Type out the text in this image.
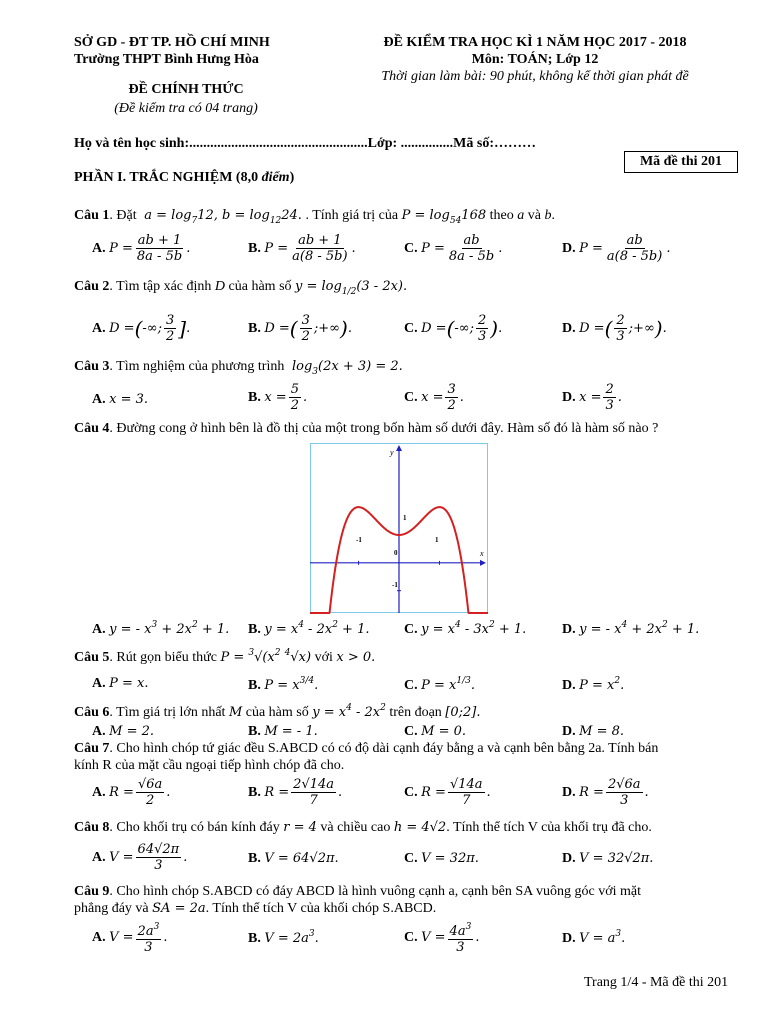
SỞ GD - ĐT TP. HỒ CHÍ MINH
Trường THPT Bình Hưng Hòa
ĐỀ CHÍNH THỨC
(Đề kiểm tra có 04 trang)
ĐỀ KIỂM TRA HỌC KÌ 1 NĂM HỌC 2017 - 2018
Môn: TOÁN; Lớp 12
Thời gian làm bài: 90 phút, không kể thời gian phát đề
Họ và tên học sinh:...................................................Lớp: ...............Mã số:………
Mã đề thi 201
PHẦN I. TRẮC NGHIỆM (8,0 điểm)
Câu 1. Đặt  $a = \log_712$, $b = \log_{12}24$. . Tính giá trị của $P = \log_{54}168$ theo a và b.
A. $P = \frac{ab + 1}{8a - 5b}$ .	B. $P = \frac{ab + 1}{a(8 - 5b)}$ .	C. $P = \frac{ab}{8a - 5b}$ .	D. $P = \frac{ab}{a(8 - 5b)}$ .
Câu 2. Tìm tập xác định D của hàm số $y = \log_{1/2}(3 - 2x)$.
A. D =(-∞; $\frac{3}{2}$ ].	B. D =( $\frac{3}{2}$ ;+∞).	C. D =(-∞; $\frac{2}{3}$ ).	D. D =( $\frac{2}{3}$ ;+∞).
Câu 3. Tìm nghiệm của phương trình  $\log_3(2x + 3) = 2$.
A. x = 3.	B. $x = \frac{5}{2}$ .	C. $x = \frac{3}{2}$ .	D. $x = \frac{2}{3}$ .
Câu 4. Đường cong ở hình bên là đồ thị của một trong bốn hàm số dưới đây. Hàm số đó là hàm số nào ?
y
x
0
-1	1
1
-1
A. y = - $x^3 + 2x^2 + 1$. B. $y = x^4 - 2x^2 + 1$. C. $y = x^4 - 3x^2 + 1$.	D. y = - $x^4 + 2x^2 + 1$.
Câu 5. Rút gọn biểu thức $P = ^3√(x^2$ $^4$√x) với x > 0.
A. P = x.	B. $P = x^{3/4}$.	C. $P = x^{1/3}$.	D. $P = x^2$.
Câu 6. Tìm giá trị lớn nhất M của hàm số $y = x^4 - 2x^2$ trên đoạn [0;2].
A. M = 2.	B. M = - 1.	C. M = 0.	D. M = 8.
Câu 7. Cho hình chóp tứ giác đều S.ABCD có có độ dài cạnh đáy bằng a và cạnh bên bằng 2a. Tính bán
kính R của mặt cầu ngoại tiếp hình chóp đã cho.
A. $R = \frac{√6a}{2}$ .	B. $R = \frac{2√14a}{7}$ .	C. $R = \frac{√14a}{7}$ .	D. $R = \frac{2√6a}{3}$ .
Câu 8. Cho khối trụ có bán kính đáy r = 4 và chiều cao h = 4√2. Tính thể tích V của khối trụ đã cho.
A. $V = \frac{64√2\pi}{3}$ .	B. V = 64√2π.	C. V = 32π.	D. V = 32√2π.
Câu 9. Cho hình chóp S.ABCD có đáy ABCD là hình vuông cạnh a, cạnh bên SA vuông góc với mặt
phẳng đáy và SA = 2a. Tính thể tích V của khối chóp S.ABCD.
A. $V = \frac{2a^3}{3}$ .	B. $V = 2a^3$.	C. $V = \frac{4a^3}{3}$ .	D. $V = a^3$.
Trang 1/4 - Mã đề thi 201
